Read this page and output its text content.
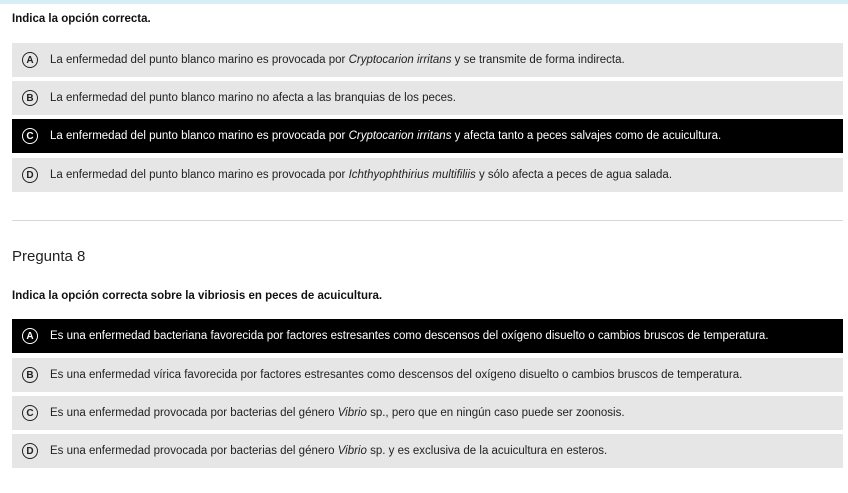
Indica la opción correcta.
A	La enfermedad del punto blanco marino es provocada por Cryptocarion irritans y se transmite de forma indirecta.
B	La enfermedad del punto blanco marino no afecta a las branquias de los peces.
C	La enfermedad del punto blanco marino es provocada por Cryptocarion irritans y afecta tanto a peces salvajes como de acuicultura.
D	La enfermedad del punto blanco marino es provocada por Ichthyophthirius multifiliis y sólo afecta a peces de agua salada.
Pregunta 8
Indica la opción correcta sobre la vibriosis en peces de acuicultura.
A	Es una enfermedad bacteriana favorecida por factores estresantes como descensos del oxígeno disuelto o cambios bruscos de temperatura.
B	Es una enfermedad vírica favorecida por factores estresantes como descensos del oxígeno disuelto o cambios bruscos de temperatura.
C	Es una enfermedad provocada por bacterias del género Vibrio sp., pero que en ningún caso puede ser zoonosis.
D	Es una enfermedad provocada por bacterias del género Vibrio sp. y es exclusiva de la acuicultura en esteros.
